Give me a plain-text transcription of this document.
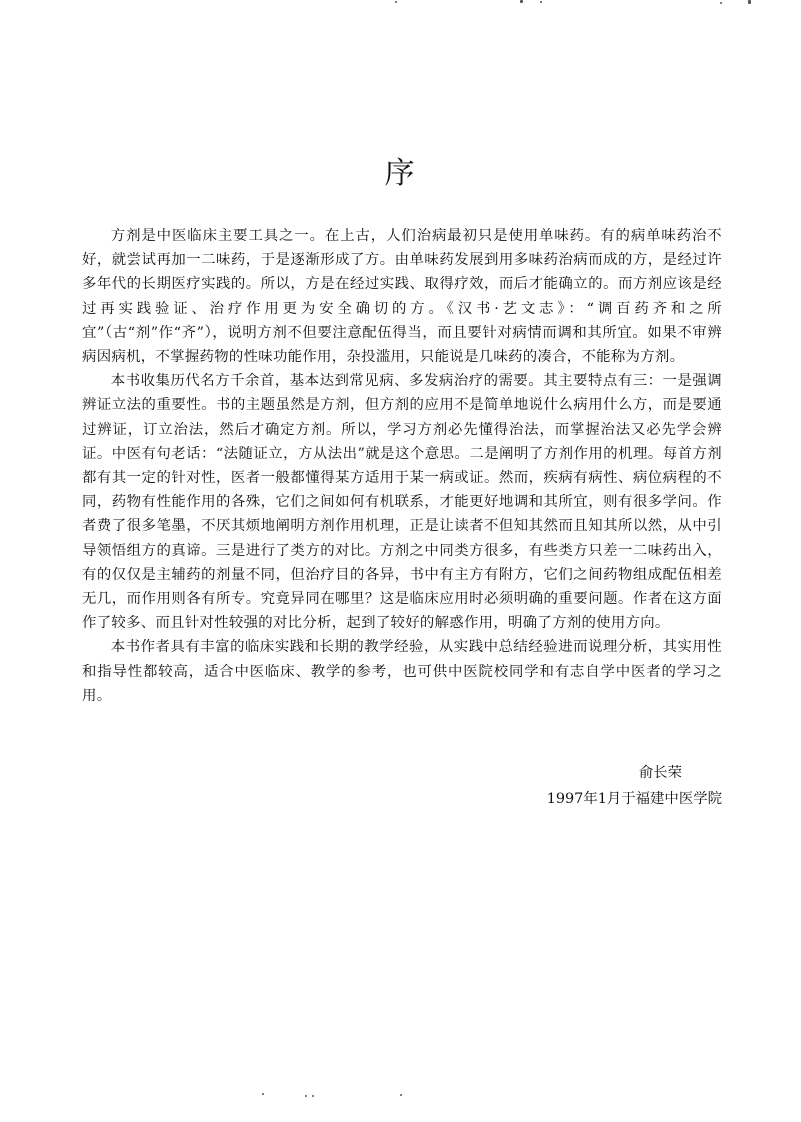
序

方剂是中医临床主要工具之一。在上古，人们治病最初只是使用单味药。有的病单味药治不好，就尝试再加一二味药，于是逐渐形成了方。由单味药发展到用多味药治病而成的方，是经过许多年代的长期医疗实践的。所以，方是在经过实践、取得疗效，而后才能确立的。而方剂应该是经过再实践验证、治疗作用更为安全确切的方。《汉书·艺文志》：“调百药齐和之所宜”（古“剂”作“齐”），说明方剂不但要注意配伍得当，而且要针对病情而调和其所宜。如果不审辨病因病机，不掌握药物的性味功能作用，杂投滥用，只能说是几味药的凑合，不能称为方剂。

本书收集历代名方千余首，基本达到常见病、多发病治疗的需要。其主要特点有三：一是强调辨证立法的重要性。书的主题虽然是方剂，但方剂的应用不是简单地说什么病用什么方，而是要通过辨证，订立治法，然后才确定方剂。所以，学习方剂必先懂得治法，而掌握治法又必先学会辨证。中医有句老话：“法随证立，方从法出”就是这个意思。二是阐明了方剂作用的机理。每首方剂都有其一定的针对性，医者一般都懂得某方适用于某一病或证。然而，疾病有病性、病位病程的不同，药物有性能作用的各殊，它们之间如何有机联系，才能更好地调和其所宜，则有很多学问。作者费了很多笔墨，不厌其烦地阐明方剂作用机理，正是让读者不但知其然而且知其所以然，从中引导领悟组方的真谛。三是进行了类方的对比。方剂之中同类方很多，有些类方只差一二味药出入，有的仅仅是主辅药的剂量不同，但治疗目的各异，书中有主方有附方，它们之间药物组成配伍相差无几，而作用则各有所专。究竟异同在哪里？这是临床应用时必须明确的重要问题。作者在这方面作了较多、而且针对性较强的对比分析，起到了较好的解惑作用，明确了方剂的使用方向。

本书作者具有丰富的临床实践和长期的教学经验，从实践中总结经验进而说理分析，其实用性和指导性都较高，适合中医临床、教学的参考，也可供中医院校同学和有志自学中医者的学习之用。

俞长荣
1997年1月于福建中医学院
